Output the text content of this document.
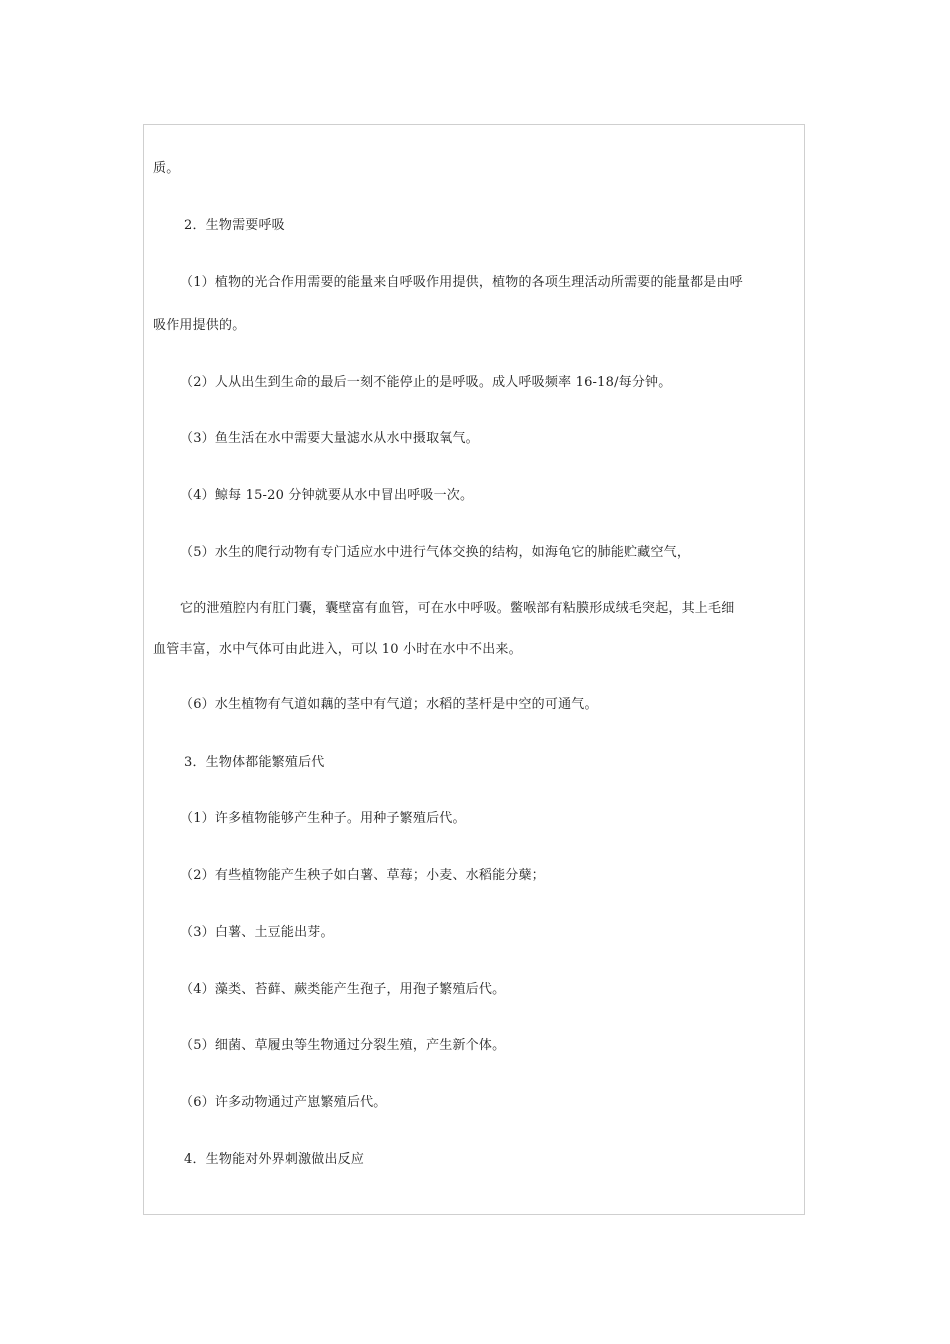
质。
2．生物需要呼吸
（1）植物的光合作用需要的能量来自呼吸作用提供，植物的各项生理活动所需要的能量都是由呼
吸作用提供的。
（2）人从出生到生命的最后一刻不能停止的是呼吸。成人呼吸频率 16-18/每分钟。
（3）鱼生活在水中需要大量滤水从水中摄取氧气。
（4）鲸每 15-20 分钟就要从水中冒出呼吸一次。
（5）水生的爬行动物有专门适应水中进行气体交换的结构，如海龟它的肺能贮藏空气，
它的泄殖腔内有肛门囊，囊壁富有血管，可在水中呼吸。鳖喉部有粘膜形成绒毛突起，其上毛细
血管丰富，水中气体可由此进入，可以 10 小时在水中不出来。
（6）水生植物有气道如藕的茎中有气道；水稻的茎杆是中空的可通气。
3．生物体都能繁殖后代
（1）许多植物能够产生种子。用种子繁殖后代。
（2）有些植物能产生秧子如白薯、草莓；小麦、水稻能分蘖；
（3）白薯、土豆能出芽。
（4）藻类、苔藓、蕨类能产生孢子，用孢子繁殖后代。
（5）细菌、草履虫等生物通过分裂生殖，产生新个体。
（6）许多动物通过产崽繁殖后代。
4．生物能对外界刺激做出反应
